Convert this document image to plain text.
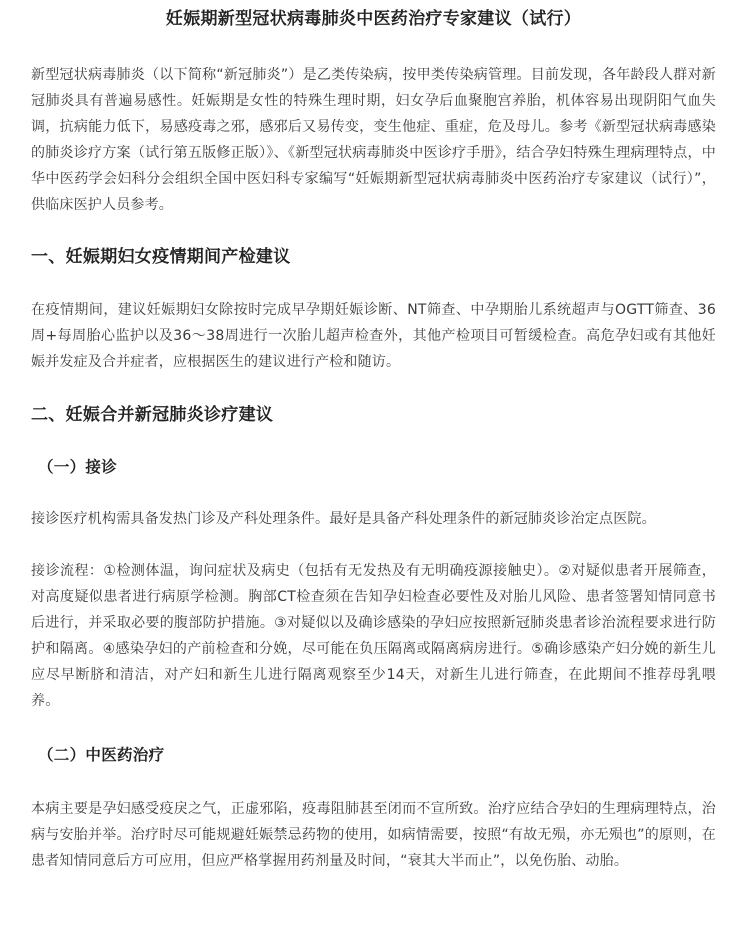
妊娠期新型冠状病毒肺炎中医药治疗专家建议（试行）

新型冠状病毒肺炎（以下简称“新冠肺炎”）是乙类传染病，按甲类传染病管理。目前发现，各年龄段人群对新冠肺炎具有普遍易感性。妊娠期是女性的特殊生理时期，妇女孕后血聚胞宫养胎，机体容易出现阴阳气血失调，抗病能力低下，易感疫毒之邪，感邪后又易传变，变生他症、重症，危及母儿。参考《新型冠状病毒感染的肺炎诊疗方案（试行第五版修正版）》、《新型冠状病毒肺炎中医诊疗手册》，结合孕妇特殊生理病理特点，中华中医药学会妇科分会组织全国中医妇科专家编写“妊娠期新型冠状病毒肺炎中医药治疗专家建议（试行）”，供临床医护人员参考。

一、妊娠期妇女疫情期间产检建议

在疫情期间，建议妊娠期妇女除按时完成早孕期妊娠诊断、NT筛查、中孕期胎儿系统超声与OGTT筛查、36周+每周胎心监护以及36～38周进行一次胎儿超声检查外，其他产检项目可暂缓检查。高危孕妇或有其他妊娠并发症及合并症者，应根据医生的建议进行产检和随访。

二、妊娠合并新冠肺炎诊疗建议
（一）接诊

接诊医疗机构需具备发热门诊及产科处理条件。最好是具备产科处理条件的新冠肺炎诊治定点医院。

接诊流程：①检测体温，询问症状及病史（包括有无发热及有无明确疫源接触史）。②对疑似患者开展筛查，对高度疑似患者进行病原学检测。胸部CT检查须在告知孕妇检查必要性及对胎儿风险、患者签署知情同意书后进行，并采取必要的腹部防护措施。③对疑似以及确诊感染的孕妇应按照新冠肺炎患者诊治流程要求进行防护和隔离。④感染孕妇的产前检查和分娩，尽可能在负压隔离或隔离病房进行。⑤确诊感染产妇分娩的新生儿应尽早断脐和清洁，对产妇和新生儿进行隔离观察至少14天，对新生儿进行筛查，在此期间不推荐母乳喂养。

（二）中医药治疗

本病主要是孕妇感受疫戾之气，正虚邪陷，疫毒阻肺甚至闭而不宣所致。治疗应结合孕妇的生理病理特点，治病与安胎并举。治疗时尽可能规避妊娠禁忌药物的使用，如病情需要，按照“有故无殒，亦无殒也”的原则，在患者知情同意后方可应用，但应严格掌握用药剂量及时间，“衰其大半而止”，以免伤胎、动胎。
